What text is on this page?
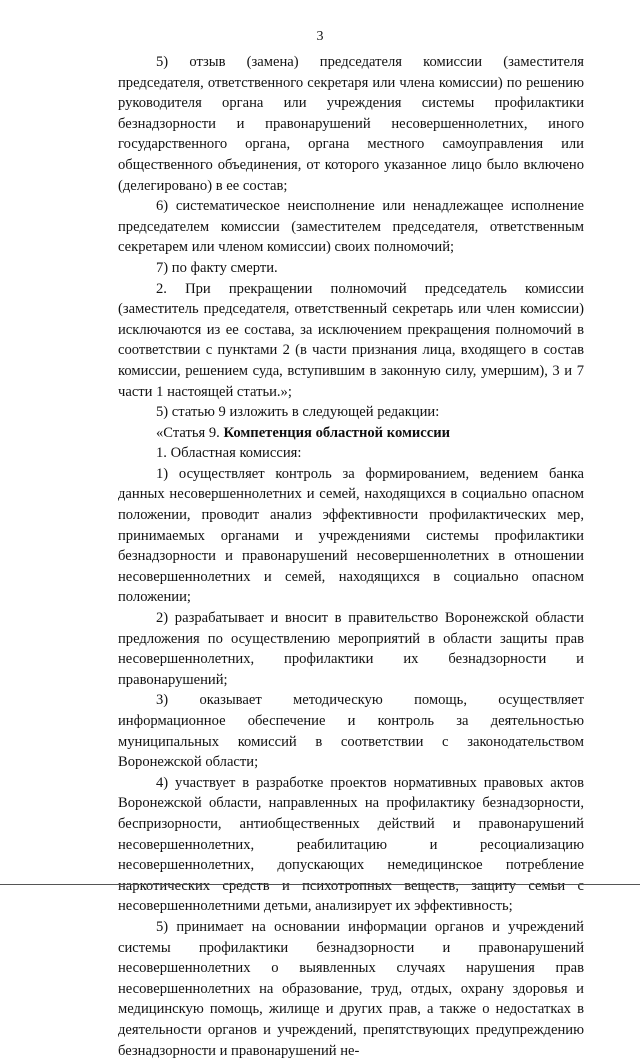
3

5) отзыв (замена) председателя комиссии (заместителя председателя, ответственного секретаря или члена комиссии) по решению руководителя органа или учреждения системы профилактики безнадзорности и правонарушений несовершеннолетних, иного государственного органа, органа местного самоуправления или общественного объединения, от которого указанное лицо было включено (делегировано) в ее состав;

6) систематическое неисполнение или ненадлежащее исполнение председателем комиссии (заместителем председателя, ответственным секретарем или членом комиссии) своих полномочий;

7) по факту смерти.

2. При прекращении полномочий председатель комиссии (заместитель председателя, ответственный секретарь или член комиссии) исключаются из ее состава, за исключением прекращения полномочий в соответствии с пунктами 2 (в части признания лица, входящего в состав комиссии, решением суда, вступившим в законную силу, умершим), 3 и 7 части 1 настоящей статьи.»;

5) статью 9 изложить в следующей редакции:

«Статья 9. Компетенция областной комиссии

1. Областная комиссия:

1) осуществляет контроль за формированием, ведением банка данных несовершеннолетних и семей, находящихся в социально опасном положении, проводит анализ эффективности профилактических мер, принимаемых органами и учреждениями системы профилактики безнадзорности и правонарушений несовершеннолетних в отношении несовершеннолетних и семей, находящихся в социально опасном положении;

2) разрабатывает и вносит в правительство Воронежской области предложения по осуществлению мероприятий в области защиты прав несовершеннолетних, профилактики их безнадзорности и правонарушений;

3) оказывает методическую помощь, осуществляет информационное обеспечение и контроль за деятельностью муниципальных комиссий в соответствии с законодательством Воронежской области;

4) участвует в разработке проектов нормативных правовых актов Воронежской области, направленных на профилактику безнадзорности, беспризорности, антиобщественных действий и правонарушений несовершеннолетних, реабилитацию и ресоциализацию несовершеннолетних, допускающих немедицинское потребление наркотических средств и психотропных веществ, защиту семьи с несовершеннолетними детьми, анализирует их эффективность;

5) принимает на основании информации органов и учреждений системы профилактики безнадзорности и правонарушений несовершеннолетних о выявленных случаях нарушения прав несовершеннолетних на образование, труд, отдых, охрану здоровья и медицинскую помощь, жилище и других прав, а также о недостатках в деятельности органов и учреждений, препятствующих предупреждению безнадзорности и правонарушений не-
